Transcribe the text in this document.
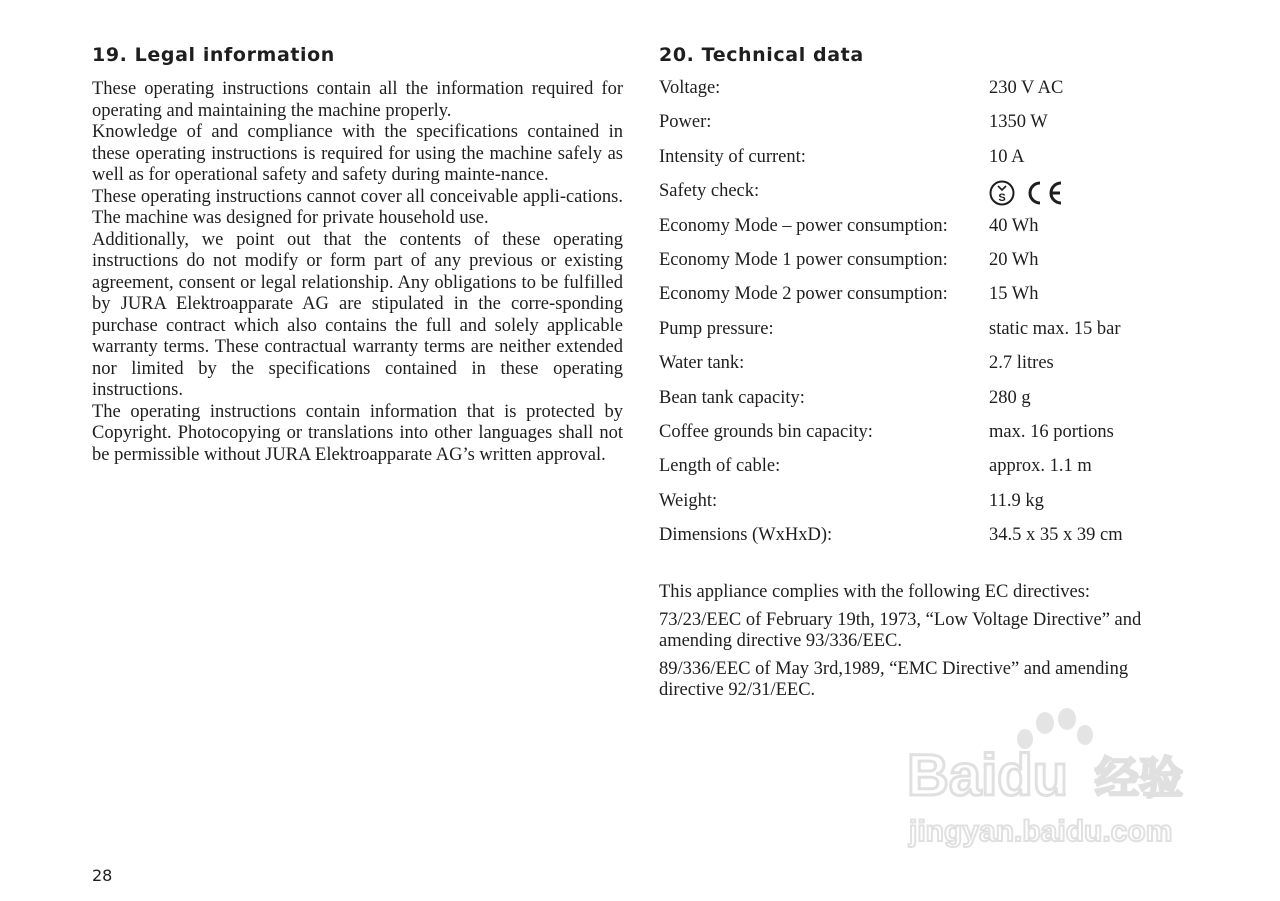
19. Legal information

These operating instructions contain all the information required for operating and maintaining the machine properly.

Knowledge of and compliance with the specifications contained in these operating instructions is required for using the machine safely as well as for operational safety and safety during mainte-nance.

These operating instructions cannot cover all conceivable appli-cations. The machine was designed for private household use.

Additionally, we point out that the contents of these operating instructions do not modify or form part of any previous or existing agreement, consent or legal relationship. Any obligations to be fulfilled by JURA Elektroapparate AG are stipulated in the corre-sponding purchase contract which also contains the full and solely applicable warranty terms. These contractual warranty terms are neither extended nor limited by the specifications contained in these operating instructions.

The operating instructions contain information that is protected by Copyright. Photocopying or translations into other languages shall not be permissible without JURA Elektroapparate AG’s written approval.

20. Technical data
Voltage:	230 V AC
Power:	1350 W
Intensity of current:	10 A
Safety check:	S
Economy Mode – power consumption: 40 Wh
Economy Mode 1 power consumption: 20 Wh
Economy Mode 2 power consumption: 15 Wh
Pump pressure:	static max. 15 bar
Water tank:	2.7 litres
Bean tank capacity:	280 g
Coffee grounds bin capacity:	max. 16 portions
Length of cable:	approx. 1.1 m
Weight:	11.9 kg
Dimensions (WxHxD):	34.5 x 35 x 39 cm

This appliance complies with the following EC directives:

73/23/EEC of February 19th, 1973, “Low Voltage Directive” and amending directive 93/336/EEC.

89/336/EEC of May 3rd,1989, “EMC Directive” and amending directive 92/31/EEC.

28
Baidu 经验
jingyan.baidu.com
